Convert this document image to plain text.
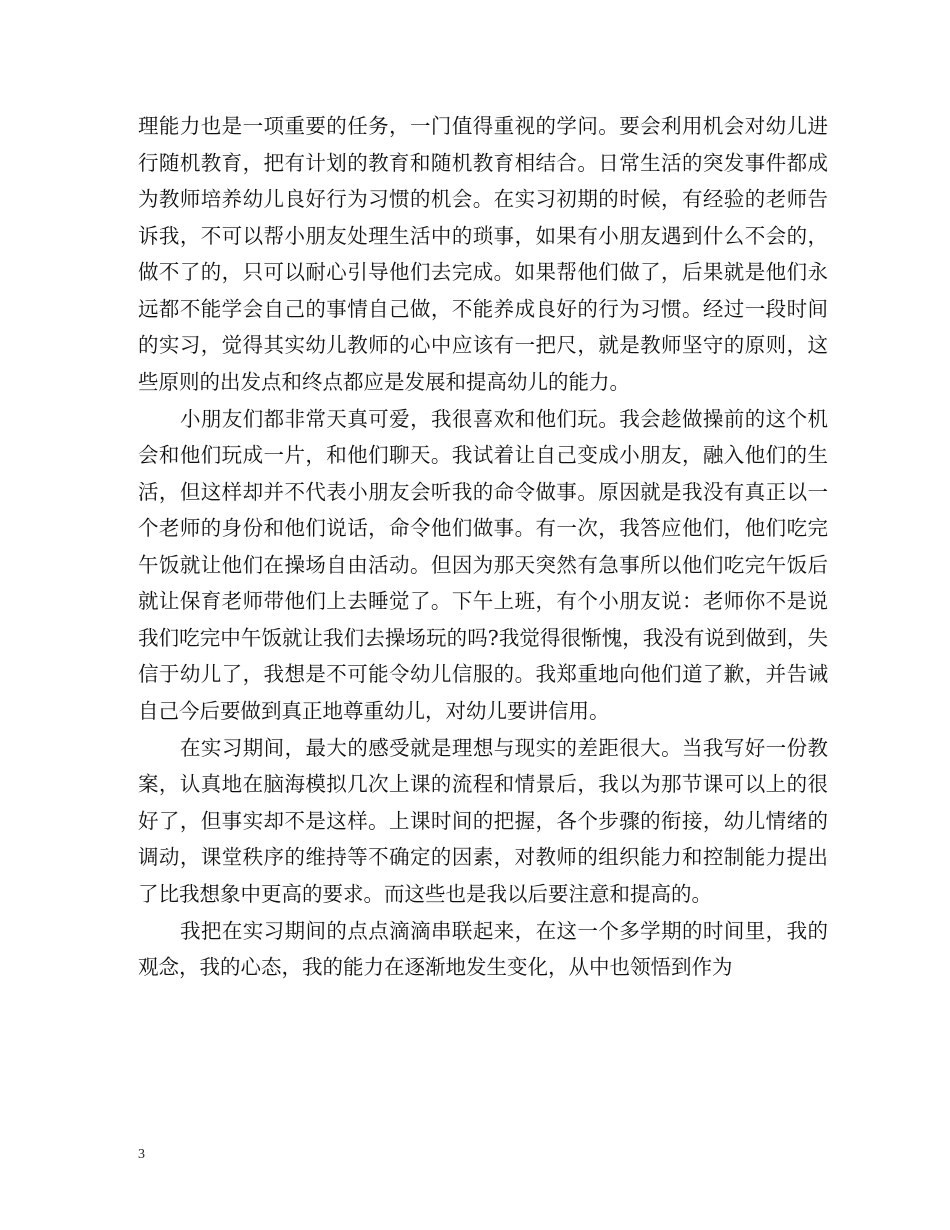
理能力也是一项重要的任务，一门值得重视的学问。要会利用机会对幼儿进行随机教育，把有计划的教育和随机教育相结合。日常生活的突发事件都成为教师培养幼儿良好行为习惯的机会。在实习初期的时候，有经验的老师告诉我，不可以帮小朋友处理生活中的琐事，如果有小朋友遇到什么不会的，做不了的，只可以耐心引导他们去完成。如果帮他们做了，后果就是他们永远都不能学会自己的事情自己做，不能养成良好的行为习惯。经过一段时间的实习，觉得其实幼儿教师的心中应该有一把尺，就是教师坚守的原则，这些原则的出发点和终点都应是发展和提高幼儿的能力。

小朋友们都非常天真可爱，我很喜欢和他们玩。我会趁做操前的这个机会和他们玩成一片，和他们聊天。我试着让自己变成小朋友，融入他们的生活，但这样却并不代表小朋友会听我的命令做事。原因就是我没有真正以一个老师的身份和他们说话，命令他们做事。有一次，我答应他们，他们吃完午饭就让他们在操场自由活动。但因为那天突然有急事所以他们吃完午饭后就让保育老师带他们上去睡觉了。下午上班，有个小朋友说：老师你不是说我们吃完中午饭就让我们去操场玩的吗?我觉得很惭愧，我没有说到做到，失信于幼儿了，我想是不可能令幼儿信服的。我郑重地向他们道了歉，并告诫自己今后要做到真正地尊重幼儿，对幼儿要讲信用。

在实习期间，最大的感受就是理想与现实的差距很大。当我写好一份教案，认真地在脑海模拟几次上课的流程和情景后，我以为那节课可以上的很好了，但事实却不是这样。上课时间的把握，各个步骤的衔接，幼儿情绪的调动，课堂秩序的维持等不确定的因素，对教师的组织能力和控制能力提出了比我想象中更高的要求。而这些也是我以后要注意和提高的。

我把在实习期间的点点滴滴串联起来，在这一个多学期的时间里，我的观念，我的心态，我的能力在逐渐地发生变化，从中也领悟到作为

3
